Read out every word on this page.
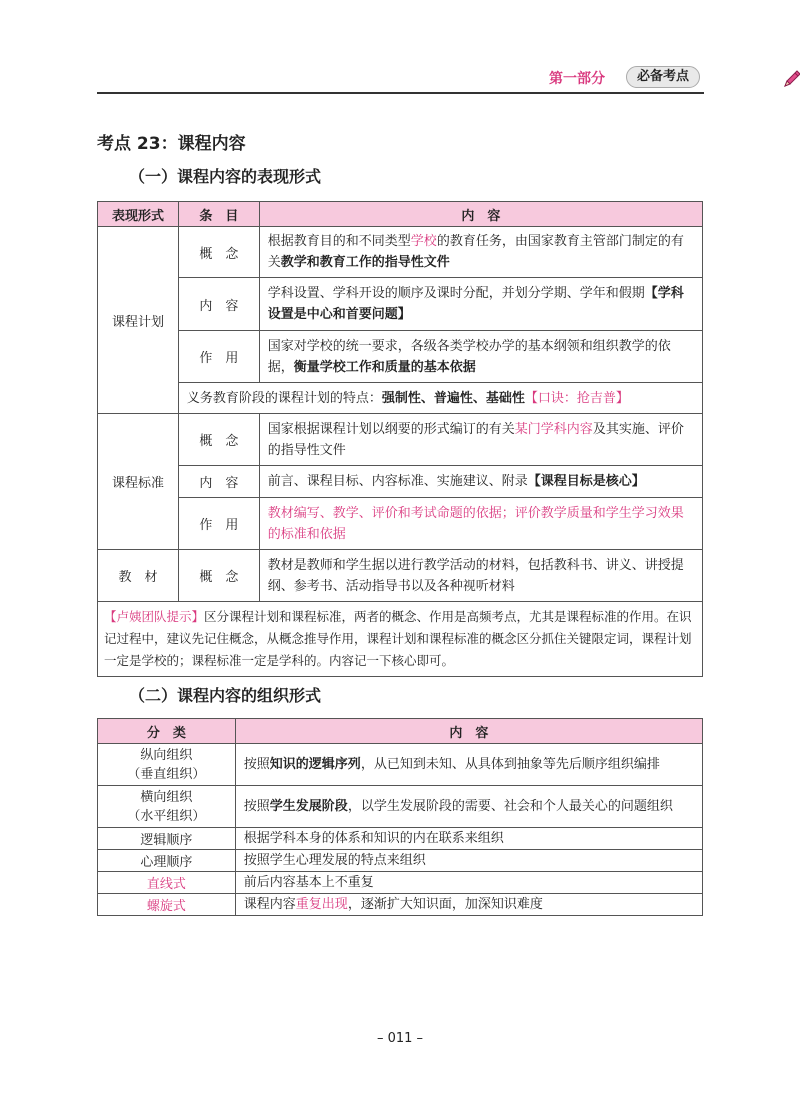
第一部分	必备考点
考点 23：课程内容
（一）课程内容的表现形式
表现形式	条　目	内　容
课程计划	概　念	根据教育目的和不同类型学校的教育任务，由国家教育主管部门制定的有关教学和教育工作的指导性文件
	内　容	学科设置、学科开设的顺序及课时分配，并划分学期、学年和假期【学科设置是中心和首要问题】
	作　用	国家对学校的统一要求，各级各类学校办学的基本纲领和组织教学的依据，衡量学校工作和质量的基本依据
	义务教育阶段的课程计划的特点：强制性、普遍性、基础性【口诀：抢吉普】	
课程标准	概　念	国家根据课程计划以纲要的形式编订的有关某门学科内容及其实施、评价的指导性文件
	内　容	前言、课程目标、内容标准、实施建议、附录【课程目标是核心】
	作　用	教材编写、教学、评价和考试命题的依据；评价教学质量和学生学习效果的标准和依据
教　材	概　念	教材是教师和学生据以进行教学活动的材料，包括教科书、讲义、讲授提纲、参考书、活动指导书以及各种视听材料
【卢姨团队提示】区分课程计划和课程标准，两者的概念、作用是高频考点，尤其是课程标准的作用。在识记过程中，建议先记住概念，从概念推导作用，课程计划和课程标准的概念区分抓住关键限定词，课程计划一定是学校的；课程标准一定是学科的。内容记一下核心即可。		
（二）课程内容的组织形式
分　类	内　容

纵向组织
（垂直组织）	按照知识的逻辑序列，从已知到未知、从具体到抽象等先后顺序组织编排

横向组织
（水平组织）	按照学生发展阶段，以学生发展阶段的需要、社会和个人最关心的问题组织
逻辑顺序	根据学科本身的体系和知识的内在联系来组织
心理顺序	按照学生心理发展的特点来组织
直线式	前后内容基本上不重复
螺旋式	课程内容重复出现，逐渐扩大知识面，加深知识难度
– 011 –
